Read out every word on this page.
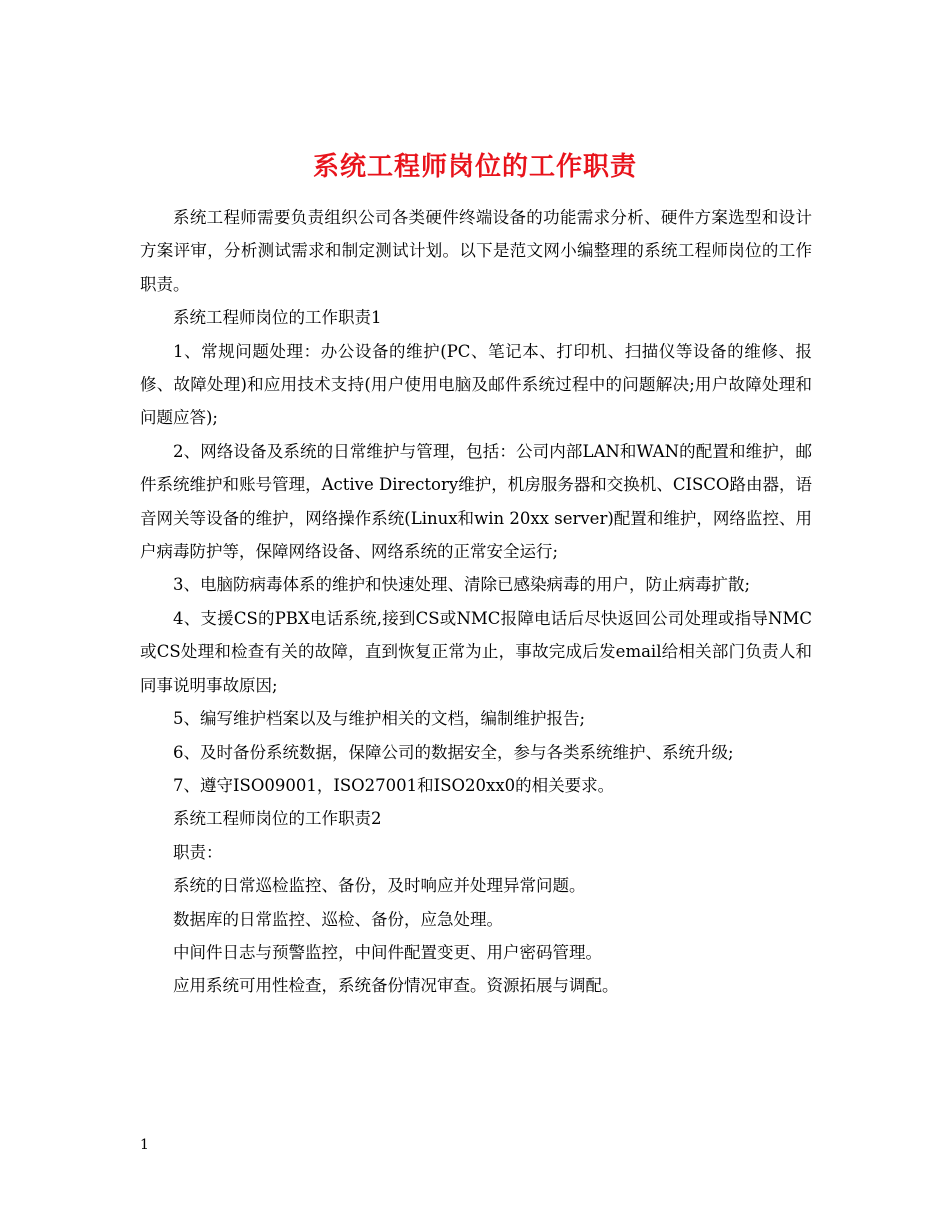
系统工程师岗位的工作职责

系统工程师需要负责组织公司各类硬件终端设备的功能需求分析、硬件方案选型和设计方案评审，分析测试需求和制定测试计划。以下是范文网小编整理的系统工程师岗位的工作职责。

系统工程师岗位的工作职责1

1、常规问题处理：办公设备的维护(PC、笔记本、打印机、扫描仪等设备的维修、报修、故障处理)和应用技术支持(用户使用电脑及邮件系统过程中的问题解决;用户故障处理和问题应答);

2、网络设备及系统的日常维护与管理，包括：公司内部LAN和WAN的配置和维护，邮件系统维护和账号管理，Active Directory维护，机房服务器和交换机、CISCO路由器，语音网关等设备的维护，网络操作系统(Linux和win 20xx server)配置和维护，网络监控、用户病毒防护等，保障网络设备、网络系统的正常安全运行;

3、电脑防病毒体系的维护和快速处理、清除已感染病毒的用户，防止病毒扩散;

4、支援CS的PBX电话系统,接到CS或NMC报障电话后尽快返回公司处理或指导NMC或CS处理和检查有关的故障，直到恢复正常为止，事故完成后发email给相关部门负责人和同事说明事故原因;

5、编写维护档案以及与维护相关的文档，编制维护报告;

6、及时备份系统数据，保障公司的数据安全，参与各类系统维护、系统升级;

7、遵守ISO09001，ISO27001和ISO20xx0的相关要求。

系统工程师岗位的工作职责2

职责：

系统的日常巡检监控、备份，及时响应并处理异常问题。

数据库的日常监控、巡检、备份，应急处理。

中间件日志与预警监控，中间件配置变更、用户密码管理。

应用系统可用性检查，系统备份情况审查。资源拓展与调配。

1
